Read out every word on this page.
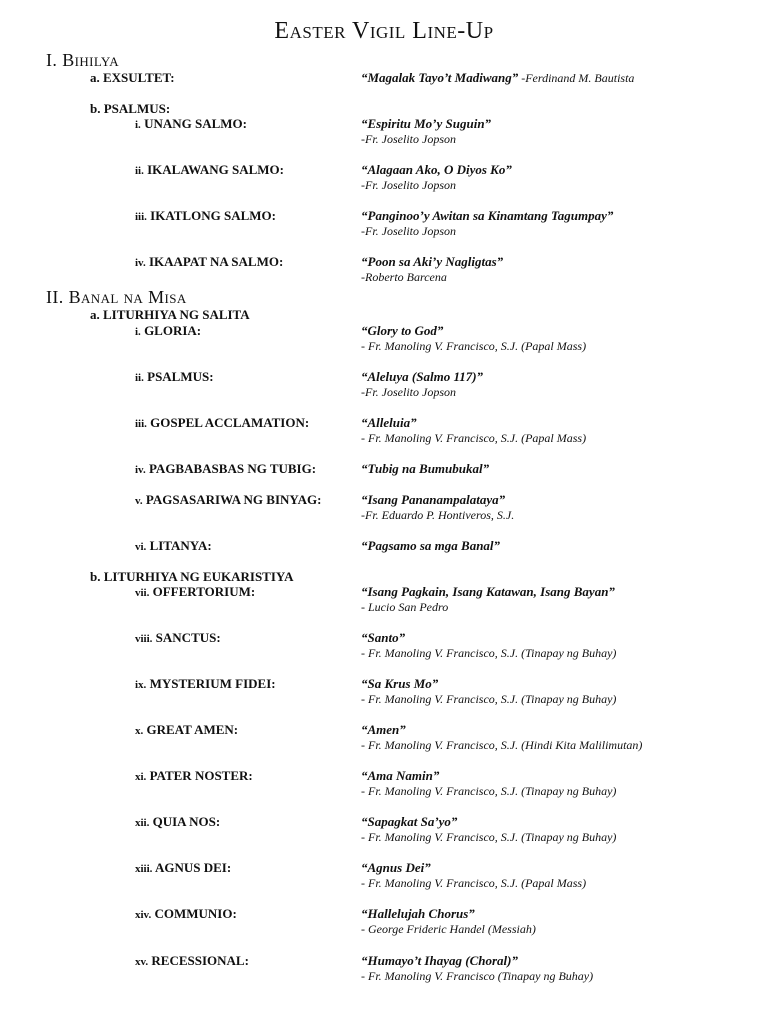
Easter Vigil Line-Up
I. Bihilya
a. EXSULTET:	“Magalak Tayo’t Madiwang” -Ferdinand M. Bautista
b. PSALMUS:
i. UNANG SALMO:	“Espiritu Mo’y Suguin”
-Fr. Joselito Jopson
ii. IKALAWANG SALMO:	“Alagaan Ako, O Diyos Ko”
-Fr. Joselito Jopson
iii. IKATLONG SALMO:	“Panginoo’y Awitan sa Kinamtang Tagumpay”
-Fr. Joselito Jopson
iv. IKAAPAT NA SALMO:	“Poon sa Aki’y Nagligtas”
-Roberto Barcena
II. Banal na Misa
a. LITURHIYA NG SALITA
i. GLORIA:	“Glory to God”
- Fr. Manoling V. Francisco, S.J. (Papal Mass)
ii. PSALMUS:	“Aleluya (Salmo 117)”
-Fr. Joselito Jopson
iii. GOSPEL ACCLAMATION:	“Alleluia”
- Fr. Manoling V. Francisco, S.J. (Papal Mass)
iv. PAGBABASBAS NG TUBIG:	“Tubig na Bumubukal”
v. PAGSASARIWA NG BINYAG:	“Isang Pananampalataya”
-Fr. Eduardo P. Hontiveros, S.J.
vi. LITANYA:	“Pagsamo sa mga Banal”
b. LITURHIYA NG EUKARISTIYA
vii. OFFERTORIUM:	“Isang Pagkain, Isang Katawan, Isang Bayan”
- Lucio San Pedro
viii. SANCTUS:	“Santo”
- Fr. Manoling V. Francisco, S.J. (Tinapay ng Buhay)
ix. MYSTERIUM FIDEI:	“Sa Krus Mo”
- Fr. Manoling V. Francisco, S.J. (Tinapay ng Buhay)
x. GREAT AMEN:	“Amen”
- Fr. Manoling V. Francisco, S.J. (Hindi Kita Malilimutan)
xi. PATER NOSTER:	“Ama Namin”
- Fr. Manoling V. Francisco, S.J. (Tinapay ng Buhay)
xii. QUIA NOS:	“Sapagkat Sa’yo”
- Fr. Manoling V. Francisco, S.J. (Tinapay ng Buhay)
xiii. AGNUS DEI:	“Agnus Dei”
- Fr. Manoling V. Francisco, S.J. (Papal Mass)
xiv. COMMUNIO:	“Hallelujah Chorus”
- George Frideric Handel (Messiah)
xv. RECESSIONAL:	“Humayo’t Ihayag (Choral)”
- Fr. Manoling V. Francisco (Tinapay ng Buhay)
